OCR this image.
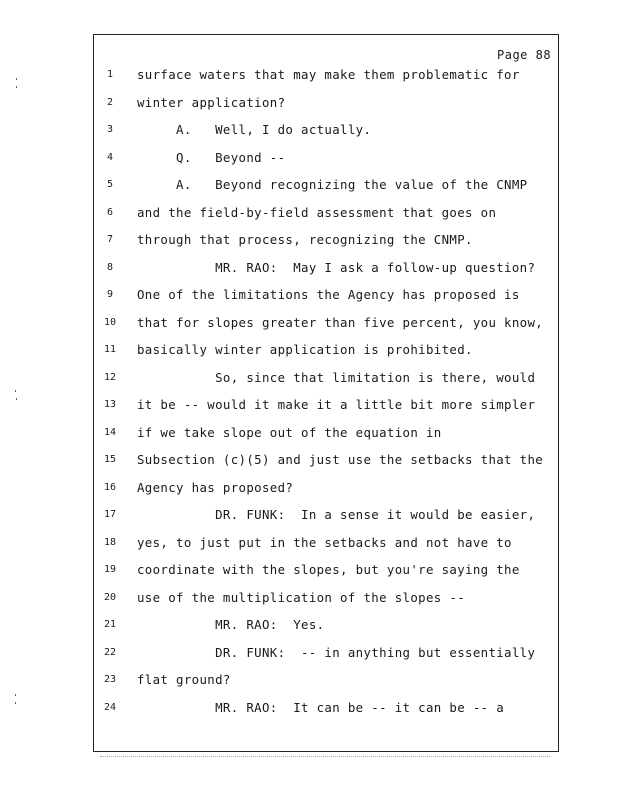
Page 88
1	surface waters that may make them problematic for
2	winter application?
3	A.   Well, I do actually.
4	Q.   Beyond --
5	A.   Beyond recognizing the value of the CNMP
6	and the field-by-field assessment that goes on
7	through that process, recognizing the CNMP.
8	MR. RAO:  May I ask a follow-up question?
9	One of the limitations the Agency has proposed is
10	that for slopes greater than five percent, you know,
11	basically winter application is prohibited.
12	So, since that limitation is there, would
13	it be -- would it make it a little bit more simpler
14	if we take slope out of the equation in
15	Subsection (c)(5) and just use the setbacks that the
16	Agency has proposed?
17	DR. FUNK:  In a sense it would be easier,
18	yes, to just put in the setbacks and not have to
19	coordinate with the slopes, but you're saying the
20	use of the multiplication of the slopes --
21	MR. RAO:  Yes.
22	DR. FUNK:  -- in anything but essentially
23	flat ground?
24	MR. RAO:  It can be -- it can be -- a
